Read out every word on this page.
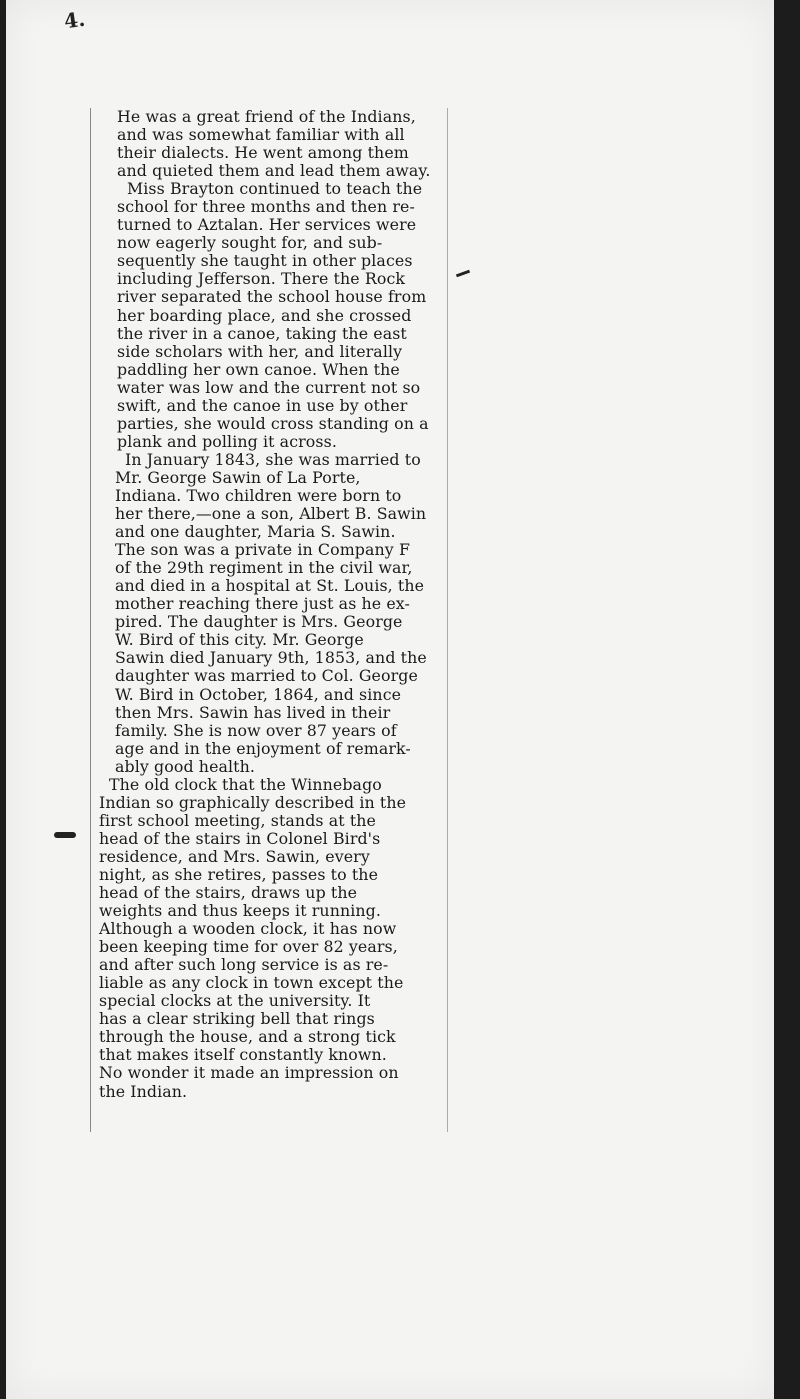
4.

He was a great friend of the Indians,
and was somewhat familiar with all
their dialects. He went among them
and quieted them and lead them away.

Miss Brayton continued to teach the
school for three months and then re-
turned to Aztalan. Her services were
now eagerly sought for, and sub-
sequently she taught in other places
including Jefferson. There the Rock
river separated the school house from
her boarding place, and she crossed
the river in a canoe, taking the east
side scholars with her, and literally
paddling her own canoe. When the
water was low and the current not so
swift, and the canoe in use by other
parties, she would cross standing on a
plank and polling it across.

In January 1843, she was married to
Mr. George Sawin of La Porte,
Indiana. Two children were born to
her there,—one a son, Albert B. Sawin
and one daughter, Maria S. Sawin.
The son was a private in Company F
of the 29th regiment in the civil war,
and died in a hospital at St. Louis, the
mother reaching there just as he ex-
pired. The daughter is Mrs. George
W. Bird of this city. Mr. George
Sawin died January 9th, 1853, and the
daughter was married to Col. George
W. Bird in October, 1864, and since
then Mrs. Sawin has lived in their
family. She is now over 87 years of
age and in the enjoyment of remark-
ably good health.

The old clock that the Winnebago
Indian so graphically described in the
first school meeting, stands at the
head of the stairs in Colonel Bird's
residence, and Mrs. Sawin, every
night, as she retires, passes to the
head of the stairs, draws up the
weights and thus keeps it running.
Although a wooden clock, it has now
been keeping time for over 82 years,
and after such long service is as re-
liable as any clock in town except the
special clocks at the university. It
has a clear striking bell that rings
through the house, and a strong tick
that makes itself constantly known.
No wonder it made an impression on
the Indian.
